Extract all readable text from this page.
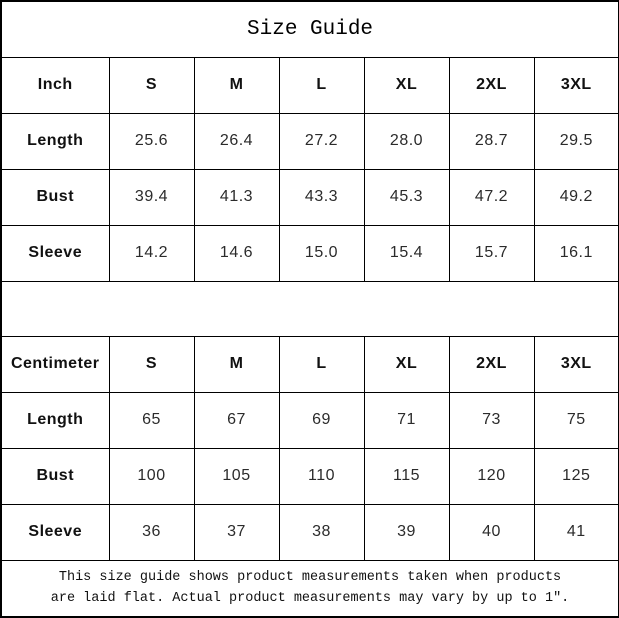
Size Guide						
Inch	S	M	L	XL	2XL	3XL
Length	25.6	26.4	27.2	28.0	28.7	29.5
Bust	39.4	41.3	43.3	45.3	47.2	49.2
Sleeve	14.2	14.6	15.0	15.4	15.7	16.1

Centimeter	S	M	L	XL	2XL	3XL
Length	65	67	69	71	73	75
Bust	100	105	110	115	120	125
Sleeve	36	37	38	39	40	41

This size guide shows product measurements taken when products
are laid flat. Actual product measurements may vary by up to 1″.						
